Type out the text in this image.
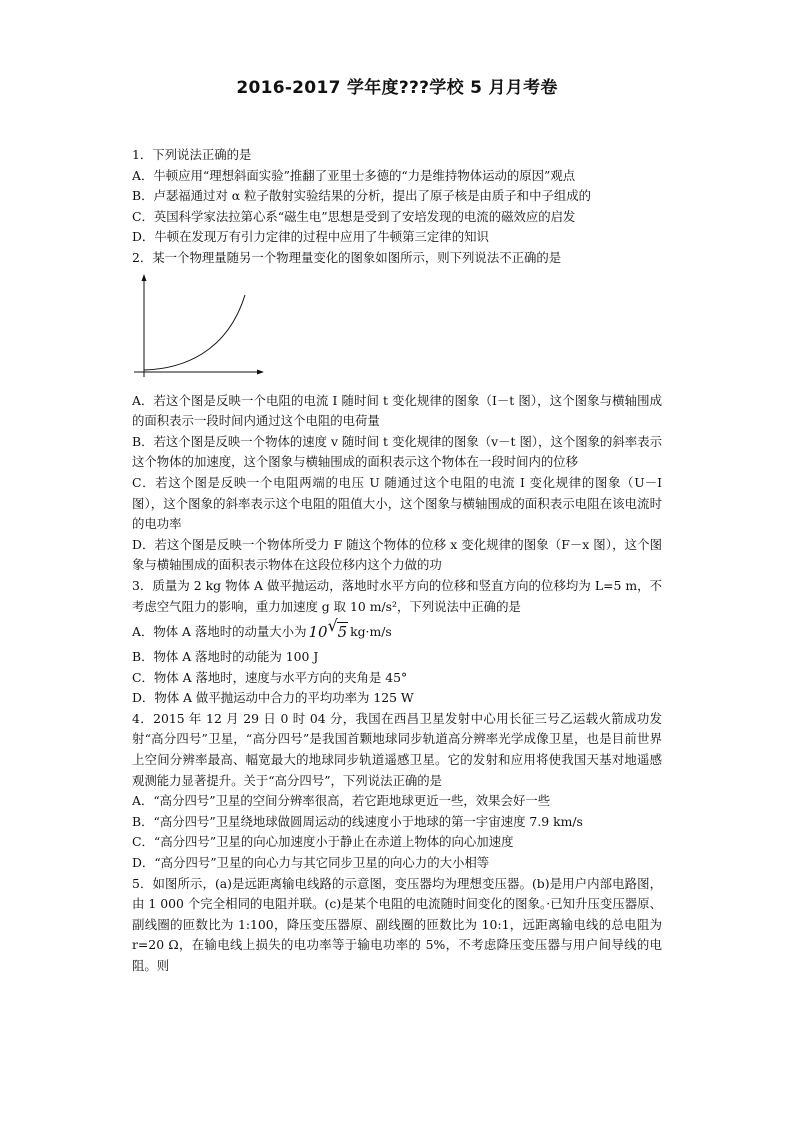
2016-2017 学年度???学校 5 月月考卷
1．下列说法正确的是
A．牛顿应用“理想斜面实验”推翻了亚里士多德的“力是维持物体运动的原因”观点
B．卢瑟福通过对 α 粒子散射实验结果的分析，提出了原子核是由质子和中子组成的
C．英国科学家法拉第心系“磁生电”思想是受到了安培发现的电流的磁效应的启发
D．牛顿在发现万有引力定律的过程中应用了牛顿第三定律的知识
2．某一个物理量随另一个物理量变化的图象如图所示，则下列说法不正确的是
A．若这个图是反映一个电阻的电流 I 随时间 t 变化规律的图象（I－t 图），这个图象与横轴围成的面积表示一段时间内通过这个电阻的电荷量
B．若这个图是反映一个物体的速度 v 随时间 t 变化规律的图象（v－t 图），这个图象的斜率表示这个物体的加速度，这个图象与横轴围成的面积表示这个物体在一段时间内的位移
C．若这个图是反映一个电阻两端的电压 U 随通过这个电阻的电流 I 变化规律的图象（U－I 图），这个图象的斜率表示这个电阻的阻值大小，这个图象与横轴围成的面积表示电阻在该电流时的电功率
D．若这个图是反映一个物体所受力 F 随这个物体的位移 x 变化规律的图象（F－x 图），这个图象与横轴围成的面积表示物体在这段位移内这个力做的功
3．质量为 2 kg 物体 A 做平抛运动，落地时水平方向的位移和竖直方向的位移均为 L=5 m，不考虑空气阻力的影响，重力加速度 g 取 10 m/s²，下列说法中正确的是
A．物体 A 落地时的动量大小为 10 √ 5 kg·m/s
B．物体 A 落地时的动能为 100 J
C．物体 A 落地时，速度与水平方向的夹角是 45°
D．物体 A 做平抛运动中合力的平均功率为 125 W
4．2015 年 12 月 29 日 0 时 04 分，我国在西昌卫星发射中心用长征三号乙运载火箭成功发射“高分四号”卫星，“高分四号”是我国首颗地球同步轨道高分辨率光学成像卫星，也是目前世界上空间分辨率最高、幅宽最大的地球同步轨道遥感卫星。它的发射和应用将使我国天基对地遥感观测能力显著提升。关于“高分四号”，下列说法正确的是
A．“高分四号”卫星的空间分辨率很高，若它距地球更近一些，效果会好一些
B．“高分四号”卫星绕地球做圆周运动的线速度小于地球的第一宇宙速度 7.9 km/s
C．“高分四号”卫星的向心加速度小于静止在赤道上物体的向心加速度
D．“高分四号”卫星的向心力与其它同步卫星的向心力的大小相等
5．如图所示，(a)是远距离输电线路的示意图，变压器均为理想变压器。(b)是用户内部电路图，由 1 000 个完全相同的电阻并联。(c)是某个电阻的电流随时间变化的图象。·已知升压变压器原、副线圈的匝数比为 1:100，降压变压器原、副线圈的匝数比为 10:1，远距离输电线的总电阻为 r=20 Ω，在输电线上损失的电功率等于输电功率的 5%，不考虑降压变压器与用户间导线的电阻。则
